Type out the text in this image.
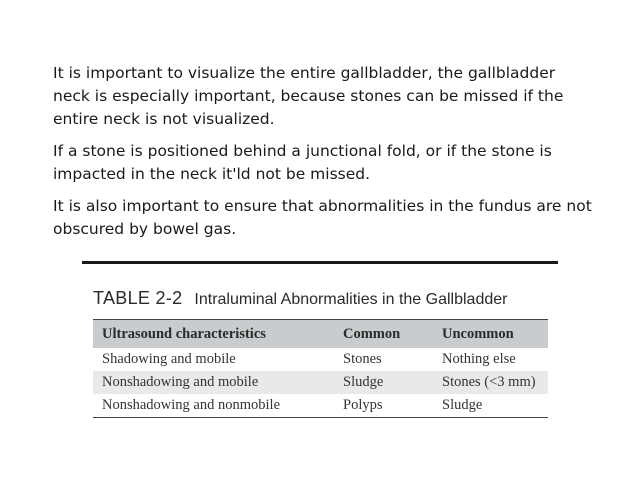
It is important to visualize the entire gallbladder, the gallbladder neck is especially important, because stones can be missed if the entire neck is not visualized.

If a stone is positioned behind a junctional fold, or if the stone is impacted in the neck it'ld not be missed.

It is also important to ensure that abnormalities in the fundus are not obscured by bowel gas.

TABLE 2-2 Intraluminal Abnormalities in the Gallbladder
Ultrasound characteristics	Common	Uncommon
Shadowing and mobile	Stones	Nothing else
Nonshadowing and mobile	Sludge	Stones (<3 mm)
Nonshadowing and nonmobile	Polyps	Sludge
